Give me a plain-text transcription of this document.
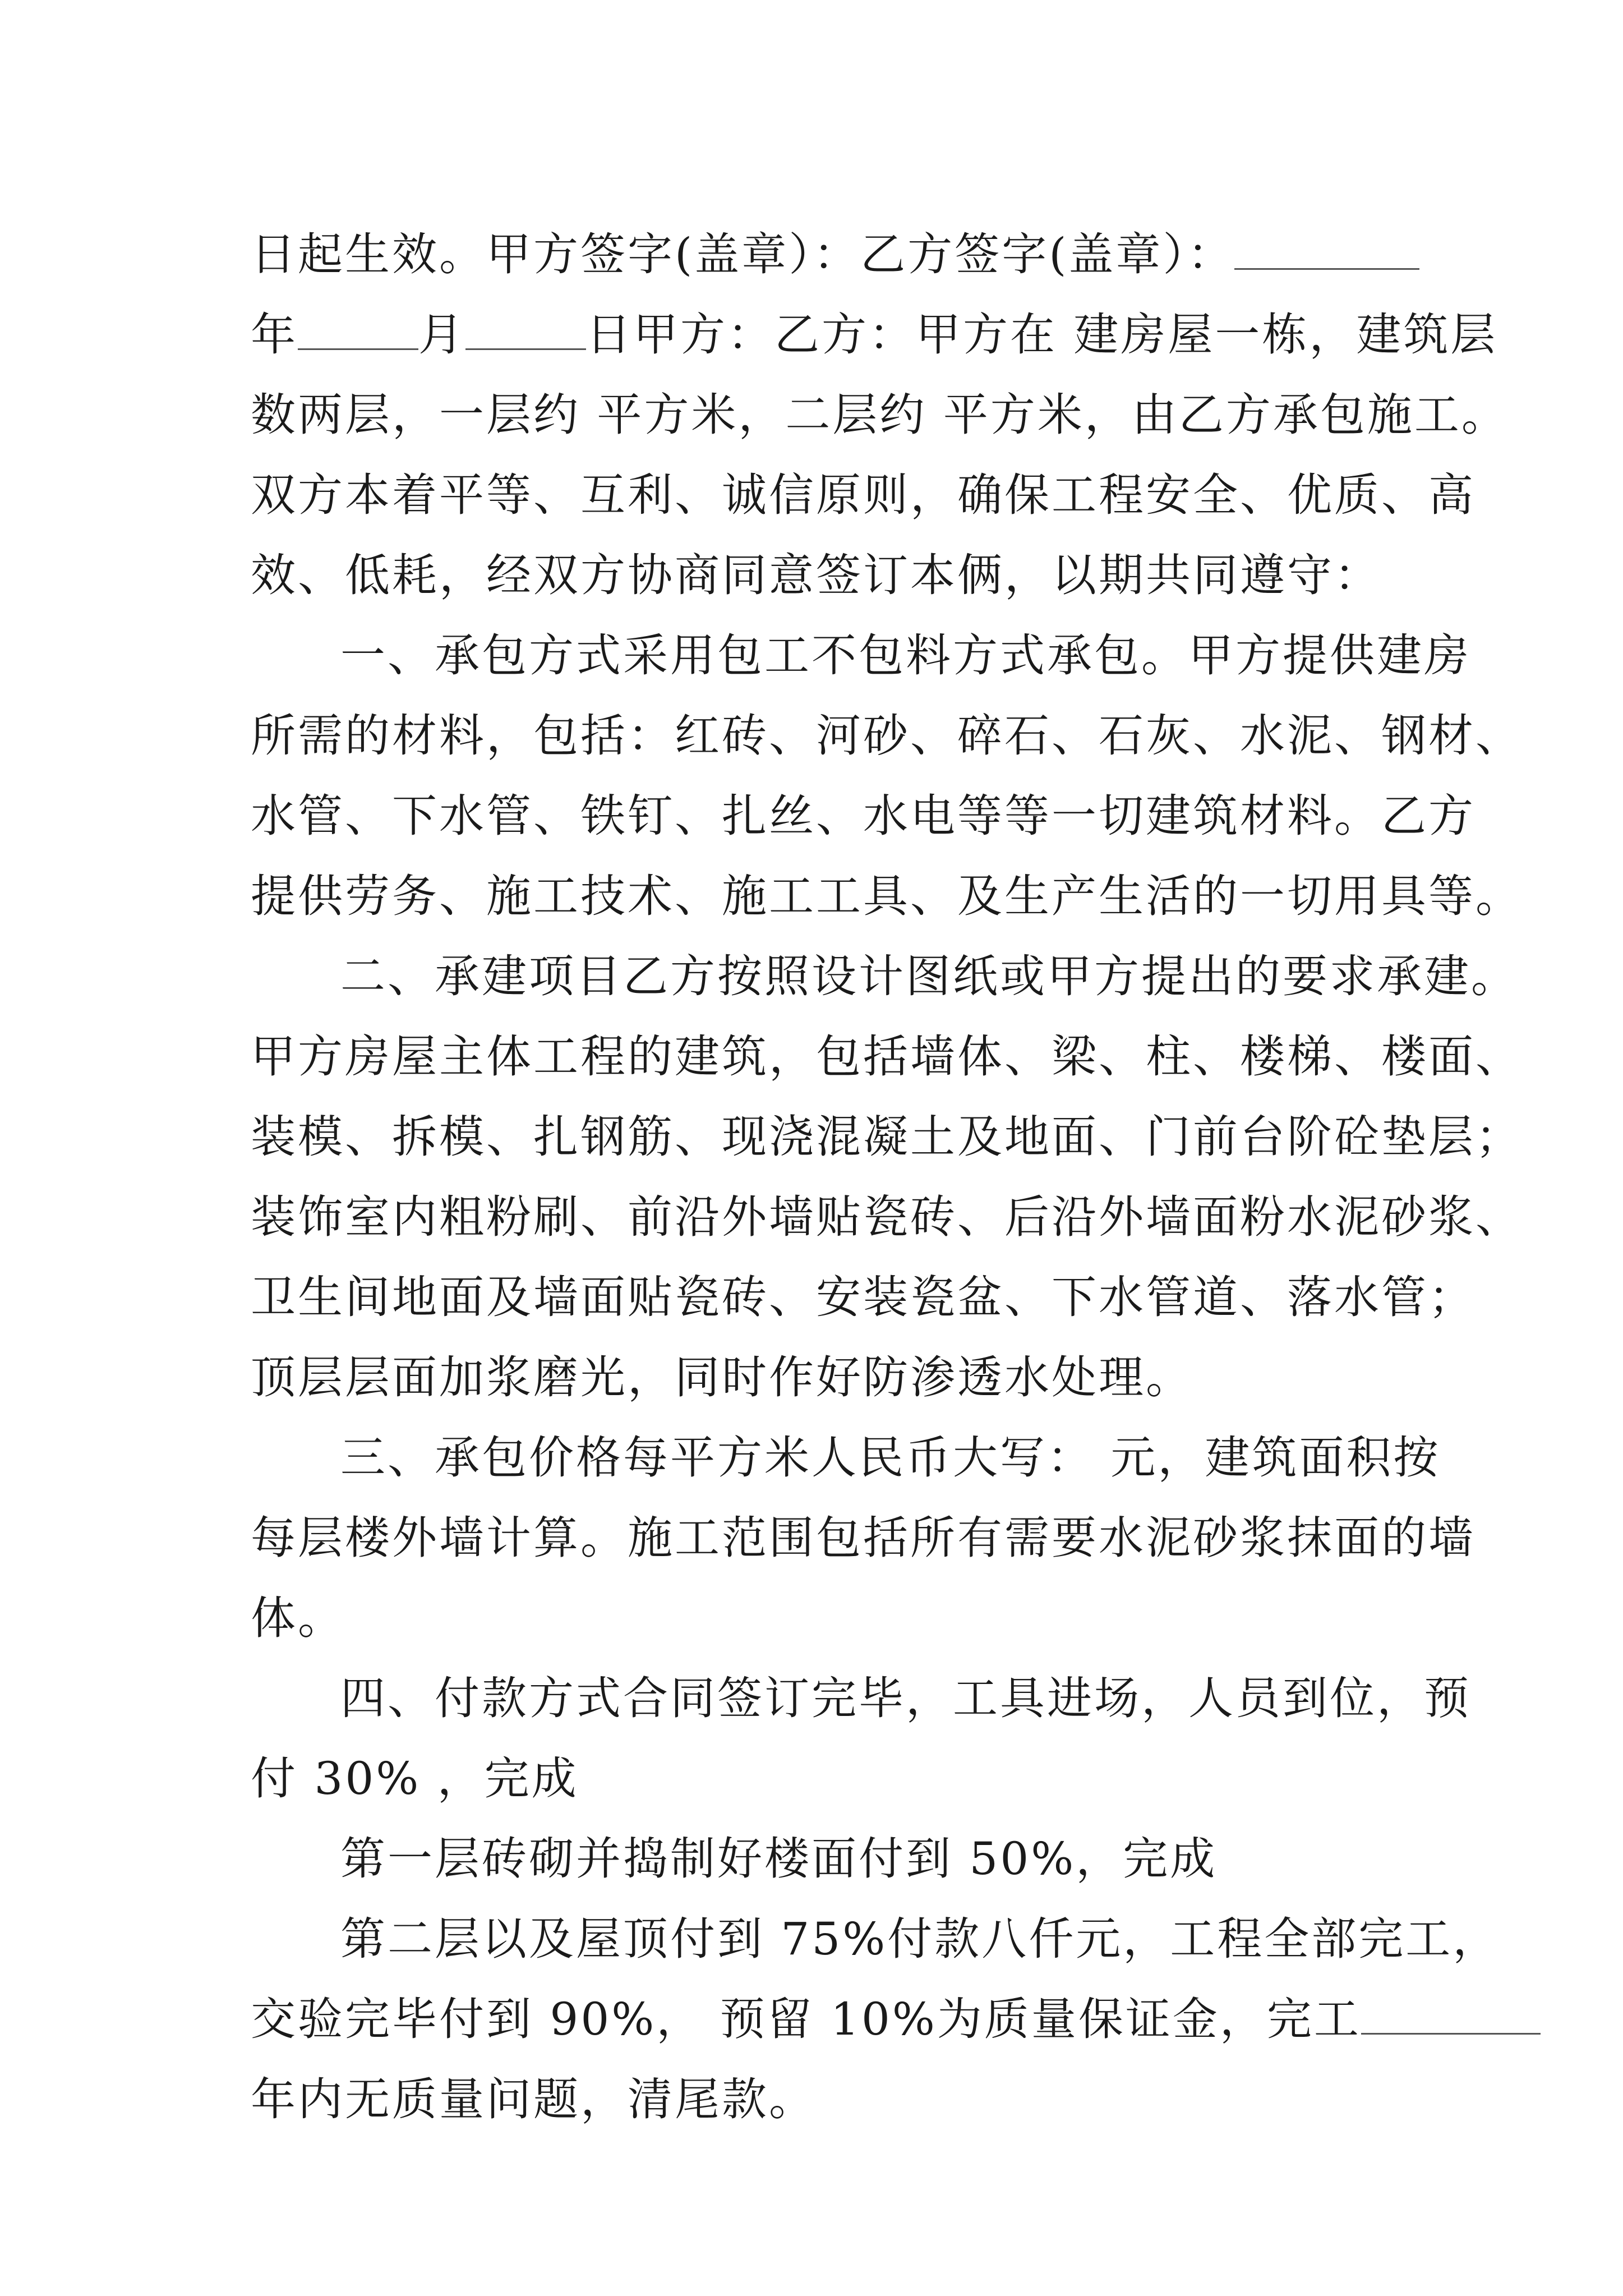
日起生效。甲方签字(盖章）：乙方签字(盖章）：
年	月	日甲方：乙方：甲方在 建房屋一栋，建筑层
数两层，一层约 平方米，二层约 平方米，由乙方承包施工。
双方本着平等、互利、诚信原则，确保工程安全、优质、高
效、低耗，经双方协商同意签订本俩，以期共同遵守：
一、承包方式采用包工不包料方式承包。甲方提供建房
所需的材料，包括：红砖、河砂、碎石、石灰、水泥、钢材、
水管、下水管、铁钉、扎丝、水电等等一切建筑材料。乙方
提供劳务、施工技术、施工工具、及生产生活的一切用具等。
二、承建项目乙方按照设计图纸或甲方提出的要求承建。
甲方房屋主体工程的建筑，包括墙体、梁、柱、楼梯、楼面、
装模、拆模、扎钢筋、现浇混凝土及地面、门前台阶砼垫层；
装饰室内粗粉刷、前沿外墙贴瓷砖、后沿外墙面粉水泥砂浆、
卫生间地面及墙面贴瓷砖、安装瓷盆、下水管道、落水管；
顶层层面加浆磨光，同时作好防渗透水处理。
三、承包价格每平方米人民币大写： 元，建筑面积按
每层楼外墙计算。施工范围包括所有需要水泥砂浆抹面的墙
体。
四、付款方式合同签订完毕，工具进场，人员到位，预
付 30% ，完成
第一层砖砌并捣制好楼面付到 50%，完成
第二层以及屋顶付到 75%付款八仟元，工程全部完工，
交验完毕付到 90%， 预留 10%为质量保证金，完工
年内无质量问题，清尾款。
